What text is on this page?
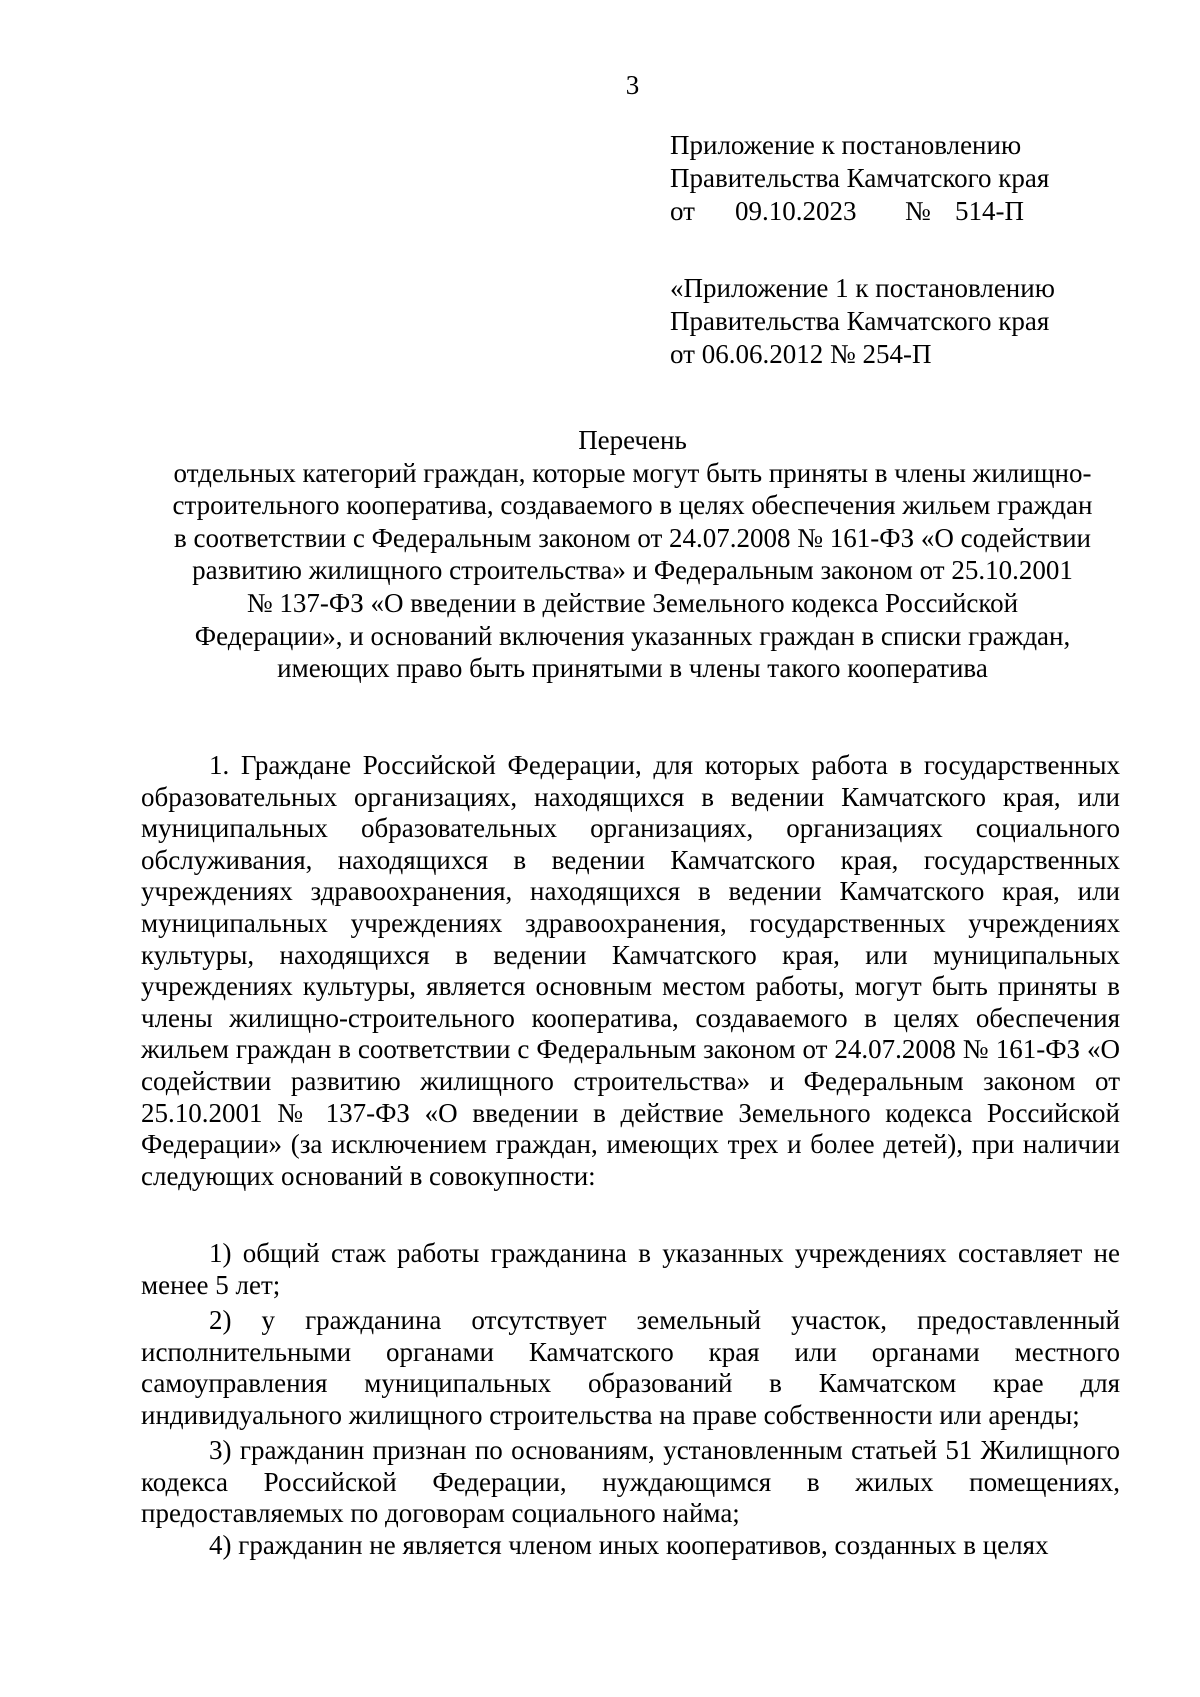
3
Приложение к постановлению
Правительства Камчатского края
от 09.10.2023 № 514-П
«Приложение 1 к постановлению
Правительства Камчатского края
от 06.06.2012 № 254-П
Перечень
отдельных категорий граждан, которые могут быть приняты в члены жилищно-
строительного кооператива, создаваемого в целях обеспечения жильем граждан
в соответствии с Федеральным законом от 24.07.2008 № 161-ФЗ «О содействии
развитию жилищного строительства» и Федеральным законом от 25.10.2001
№ 137-ФЗ «О введении в действие Земельного кодекса Российской
Федерации», и оснований включения указанных граждан в списки граждан,
имеющих право быть принятыми в члены такого кооператива
1. Граждане Российской Федерации, для которых работа в государственных образовательных организациях, находящихся в ведении Камчатского края, или муниципальных образовательных организациях, организациях социального обслуживания, находящихся в ведении Камчатского края, государственных учреждениях здравоохранения, находящихся в ведении Камчатского края, или муниципальных учреждениях здравоохранения, государственных учреждениях культуры, находящихся в ведении Камчатского края, или муниципальных учреждениях культуры, является основным местом работы, могут быть приняты в члены жилищно-строительного кооператива, создаваемого в целях обеспечения жильем граждан в соответствии с Федеральным законом от 24.07.2008 № 161-ФЗ «О содействии развитию жилищного строительства» и Федеральным законом от 25.10.2001 № 137-ФЗ «О введении в действие Земельного кодекса Российской Федерации» (за исключением граждан, имеющих трех и более детей), при наличии следующих оснований в совокупности:
1) общий стаж работы гражданина в указанных учреждениях составляет не менее 5 лет;
2) у гражданина отсутствует земельный участок, предоставленный исполнительными органами Камчатского края или органами местного самоуправления муниципальных образований в Камчатском крае для индивидуального жилищного строительства на праве собственности или аренды;
3) гражданин признан по основаниям, установленным статьей 51 Жилищного кодекса Российской Федерации, нуждающимся в жилых помещениях, предоставляемых по договорам социального найма;
4) гражданин не является членом иных кооперативов, созданных в целях
